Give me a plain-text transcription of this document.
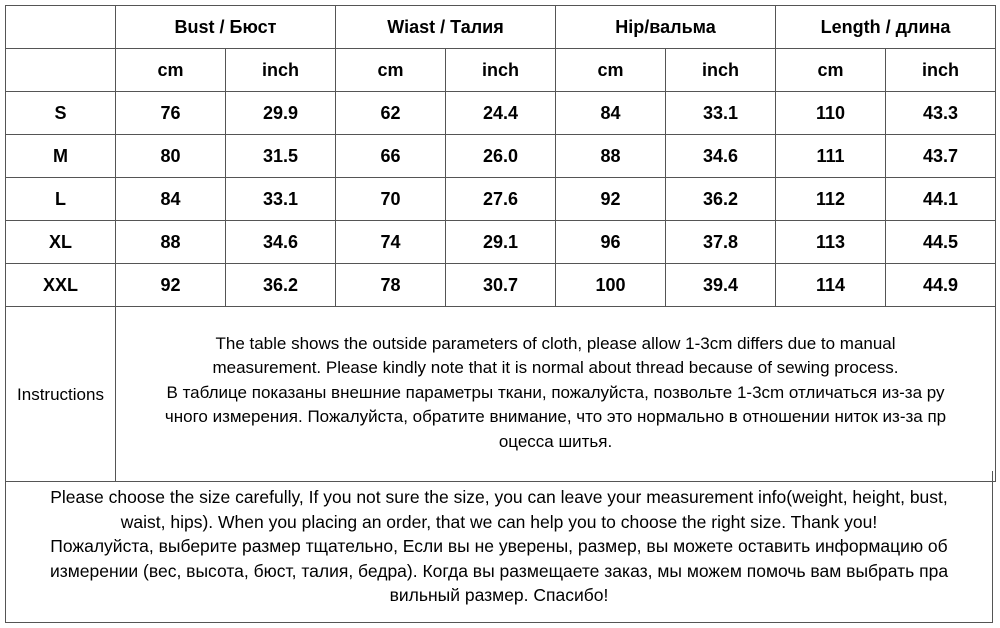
	Bust / Бюст		Wiast / Талия		Hip/вальма		Length / длина	
	cm	inch	cm	inch	cm	inch	cm	inch
S	76	29.9	62	24.4	84	33.1	110	43.3
M	80	31.5	66	26.0	88	34.6	111	43.7
L	84	33.1	70	27.6	92	36.2	112	44.1
XL	88	34.6	74	29.1	96	37.8	113	44.5
XXL	92	36.2	78	30.7	100	39.4	114	44.9
Instructions	The table shows the outside parameters of cloth, please allow 1-3cm differs due to manual
measurement. Please kindly note that it is normal about thread because of sewing process.
В таблице показаны внешние параметры ткани, пожалуйста, позвольте 1-3cm отличаться из-за ру
чного измерения. Пожалуйста, обратите внимание, что это нормально в отношении ниток из-за пр
оцесса шитья.							
Please choose the size carefully, If you not sure the size, you can leave your measurement info(weight, height, bust,
waist, hips). When you placing an order, that we can help you to choose the right size. Thank you!
Пожалуйста, выберите размер тщательно, Если вы не уверены, размер, вы можете оставить информацию об
измерении (вес, высота, бюст, талия, бедра). Когда вы размещаете заказ, мы можем помочь вам выбрать пра
вильный размер. Спасибо!
